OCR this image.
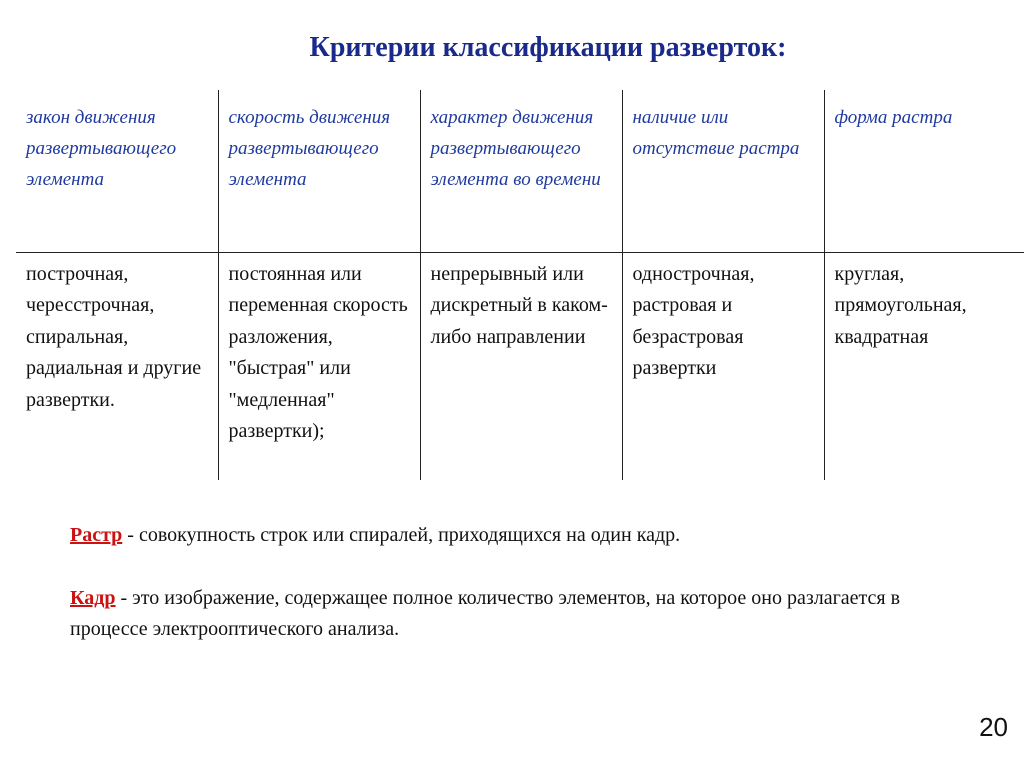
Критерии классификации разверток:
закон движения развертывающего элемента	скорость движения развертывающего элемента	характер движения развертывающего элемента во времени	наличие или отсутствие растра	форма растра
построчная, чересстрочная, спиральная, радиальная и другие развертки.	постоянная или переменная скорость разложения, "быстрая" или "медленная" развертки);	непрерывный или дискретный в каком-либо направлении	однострочная, растровая и безрастровая развертки	круглая, прямоугольная, квадратная
Растр - совокупность строк или спиралей, приходящихся на один кадр.
Кадр - это изображение, содержащее полное количество элементов, на которое оно разлагается в процессе электрооптического анализа.
20
